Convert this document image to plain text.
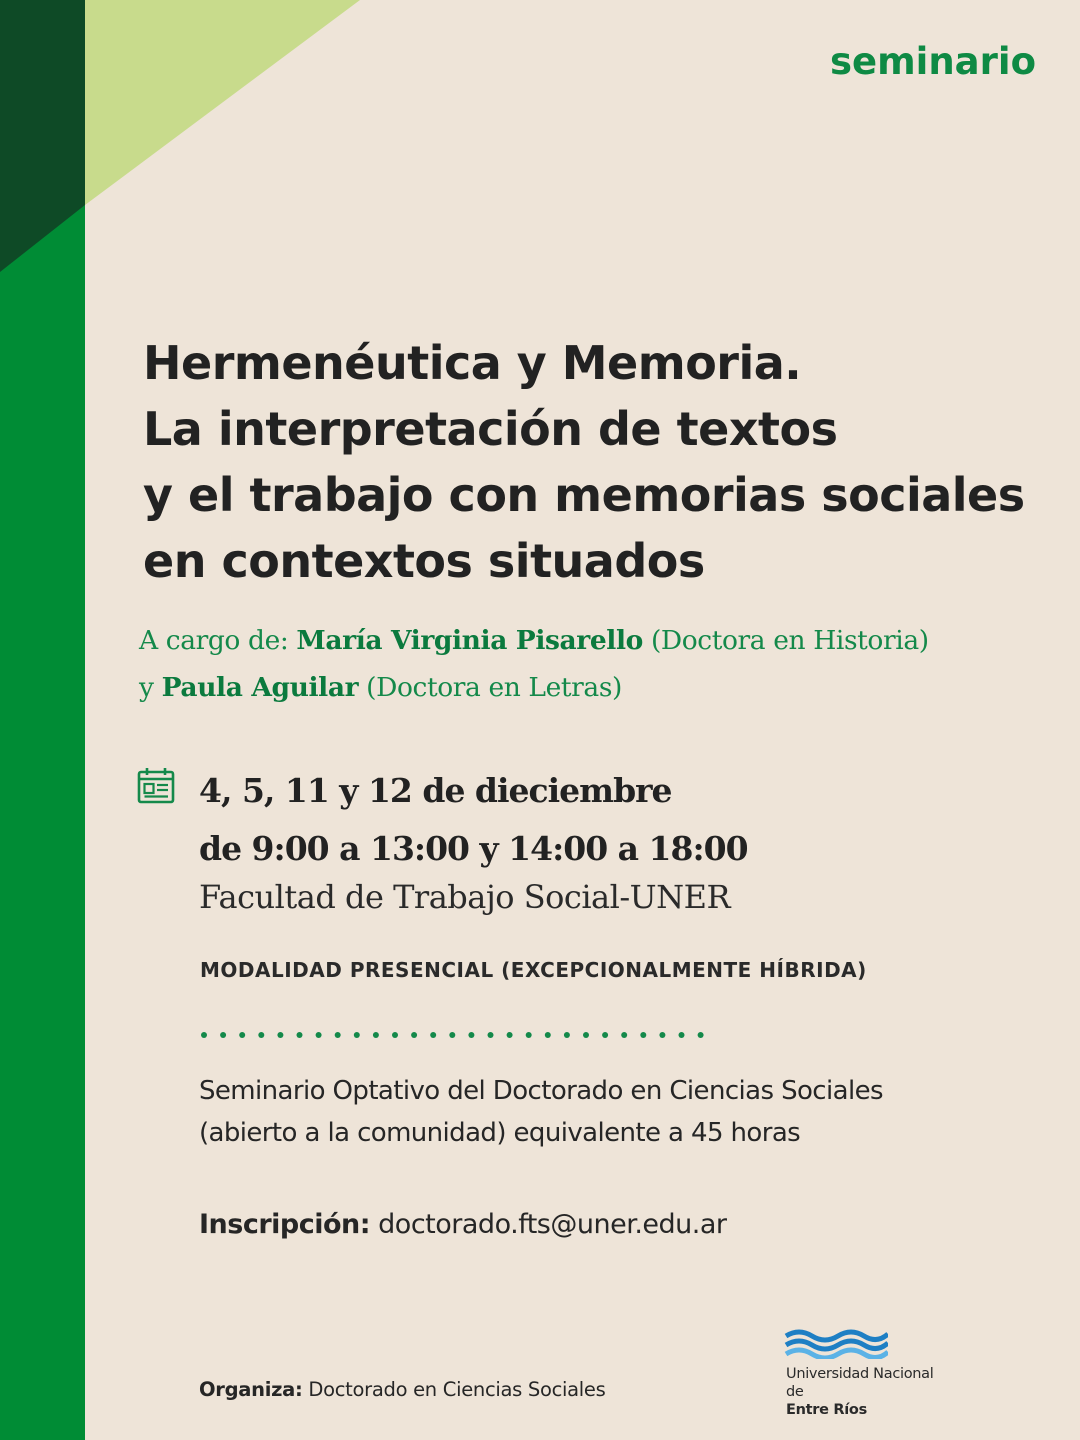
seminario
Hermenéutica y Memoria.
La interpretación de textos
y el trabajo con memorias sociales
en contextos situados
A cargo de: María Virginia Pisarello (Doctora en Historia)
y Paula Aguilar (Doctora en Letras)

4, 5, 11 y 12 de dieciembre
de 9:00 a 13:00 y 14:00 a 18:00

Facultad de Trabajo Social-UNER

MODALIDAD PRESENCIAL (EXCEPCIONALMENTE HÍBRIDA)

Seminario Optativo del Doctorado en Ciencias Sociales
(abierto a la comunidad) equivalente a 45 horas

Inscripción: doctorado.fts@uner.edu.ar

Organiza: Doctorado en Ciencias Sociales

Universidad Nacional
de
Entre Ríos
